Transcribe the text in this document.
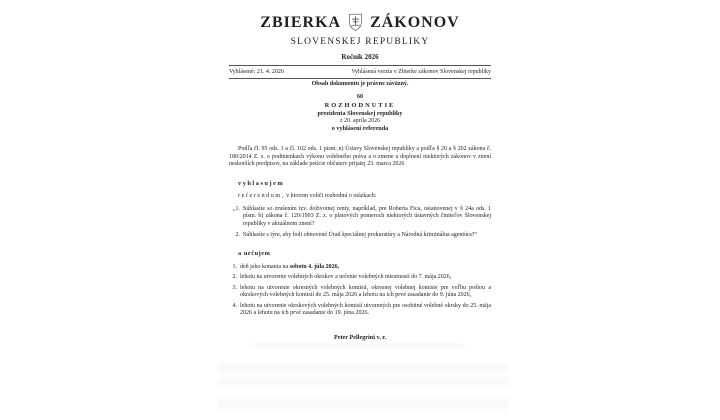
ZBIERKA ZÁKONOV
SLOVENSKEJ REPUBLIKY
Ročník 2026
Vyhlásené: 21. 4. 2026	Vyhlásená verzia v Zbierke zákonov Slovenskej republiky
Obsah dokumentu je právne záväzný.
60
ROZHODNUTIE
prezidenta Slovenskej republiky
z 20. apríla 2026
o vyhlásení referenda
Podľa čl. 95 ods. 1 a čl. 102 ods. 1 písm. n) Ústavy Slovenskej republiky a podľa § 20 a § 202 zákona č. 180/2014 Z. z. o podmienkach výkonu volebného práva a o zmene a doplnení niektorých zákonov v znení neskorších predpisov, na základe petície občanov prijatej 23. marca 2026
vyhlasujem
referendum, v ktorom voliči rozhodnú o otázkach:
„1. Súhlasíte so zrušením tzv. doživotnej renty, napríklad, pre Roberta Fica, ustanovenej v § 24a ods. 1 písm. b) zákona č. 120/1993 Z. z. o platových pomeroch niektorých ústavných činiteľov Slovenskej republiky v aktuálnom znení?
2. Súhlasíte s tým, aby boli obnovené Úrad špeciálnej prokuratúry a Národná kriminálna agentúra?“
a určujem
1. deň jeho konania na sobotu 4. júla 2026,
2. lehotu na utvorenie volebných okrskov a určenie volebných miestností do 7. mája 2026,
3. lehotu na utvorenie okresných volebných komisií, okresnej volebnej komisie pre voľbu poštou a okrskových volebných komisií do 25. mája 2026 a lehotu na ich prvé zasadanie do 9. júna 2026,
4. lehotu na utvorenie okrskových volebných komisií utvorených pre osobitné volebné okrsky do 25. mája 2026 a lehotu na ich prvé zasadanie do 19. júna 2026.
Peter Pellegrini v. r.
